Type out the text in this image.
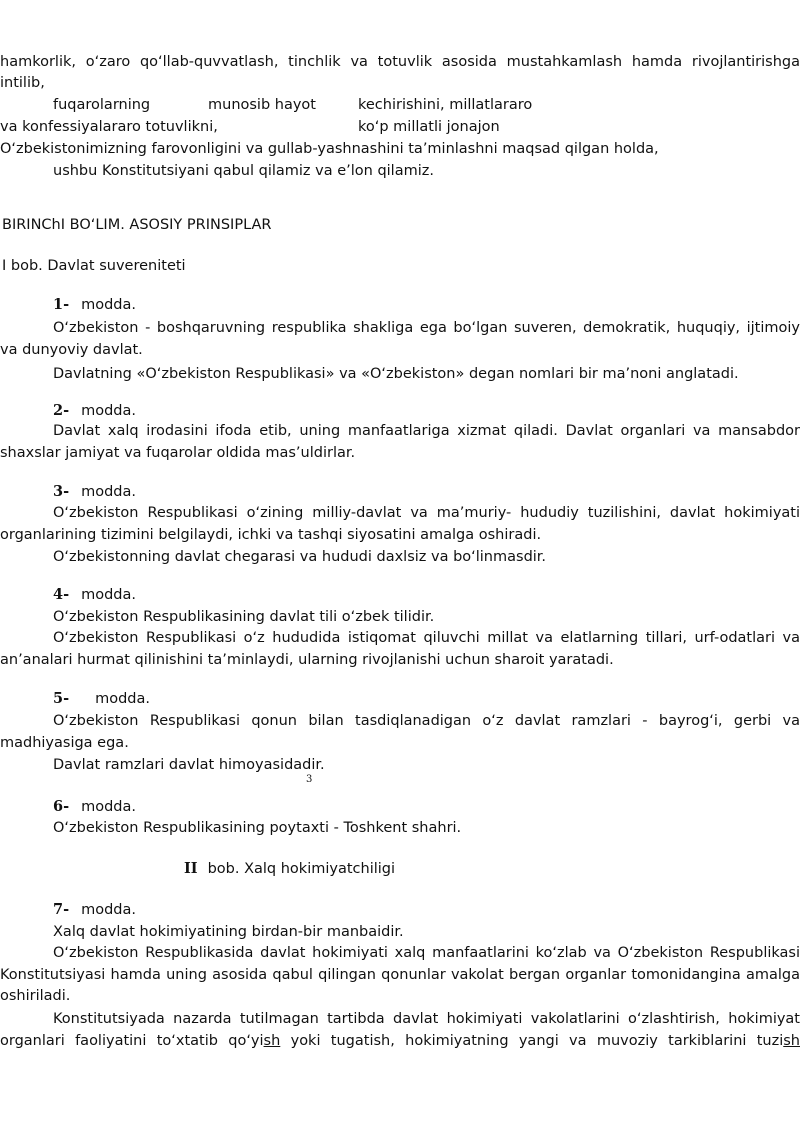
hamkorlik, o‘zaro qo‘llab-quvvatlash, tinchlik va totuvlik asosida mustahkamlash hamda rivojlantirishga
intilib,
fuqarolarning	munosib hayot	kechirishini, millatlararo
va konfessiyalararo totuvlikni,	ko‘p millatli jonajon
O‘zbekistonimizning farovonligini va gullab-yashnashini ta’minlashni maqsad qilgan holda,
ushbu Konstitutsiyani qabul qilamiz va e’lon qilamiz.
BIRINChI BO‘LIM. ASOSIY PRINSIPLAR
I bob. Davlat suvereniteti
1- modda.
O‘zbekiston - boshqaruvning respublika shakliga ega bo‘lgan suveren, demokratik, huquqiy, ijtimoiy va dunyoviy davlat.
Davlatning «O‘zbekiston Respublikasi» va «O‘zbekiston» degan nomlari bir ma’noni anglatadi.
2- modda.
Davlat xalq irodasini ifoda etib, uning manfaatlariga xizmat qiladi. Davlat organlari va mansabdor shaxslar jamiyat va fuqarolar oldida mas’uldirlar.
3- modda.
O‘zbekiston Respublikasi o‘zining milliy-davlat va ma’muriy- hududiy tuzilishini, davlat hokimiyati organlarining tizimini belgilaydi, ichki va tashqi siyosatini amalga oshiradi.
O‘zbekistonning davlat chegarasi va hududi daxlsiz va bo‘linmasdir.
4- modda.
O‘zbekiston Respublikasining davlat tili o‘zbek tilidir.
O‘zbekiston Respublikasi o‘z hududida istiqomat qiluvchi millat va elatlarning tillari, urf-odatlari va an’analari hurmat qilinishini ta’minlaydi, ularning rivojlanishi uchun sharoit yaratadi.
5- modda.
O‘zbekiston Respublikasi qonun bilan tasdiqlanadigan o‘z davlat ramzlari - bayrog‘i, gerbi va madhiyasiga ega.
Davlat ramzlari davlat himoyasidadir.
3
6- modda.
O‘zbekiston Respublikasining poytaxti - Toshkent shahri.
II bob. Xalq hokimiyatchiligi
7- modda.
Xalq davlat hokimiyatining birdan-bir manbaidir.
O‘zbekiston Respublikasida davlat hokimiyati xalq manfaatlarini ko‘zlab va O‘zbekiston Respublikasi Konstitutsiyasi hamda uning asosida qabul qilingan qonunlar vakolat bergan organlar tomonidangina amalga oshiriladi.
Konstitutsiyada nazarda tutilmagan tartibda davlat hokimiyati vakolatlarini o‘zlashtirish, hokimiyat
organlari faoliyatini to‘xtatib qo‘yish yoki tugatish, hokimiyatning yangi va muvoziy tarkiblarini tuzish
